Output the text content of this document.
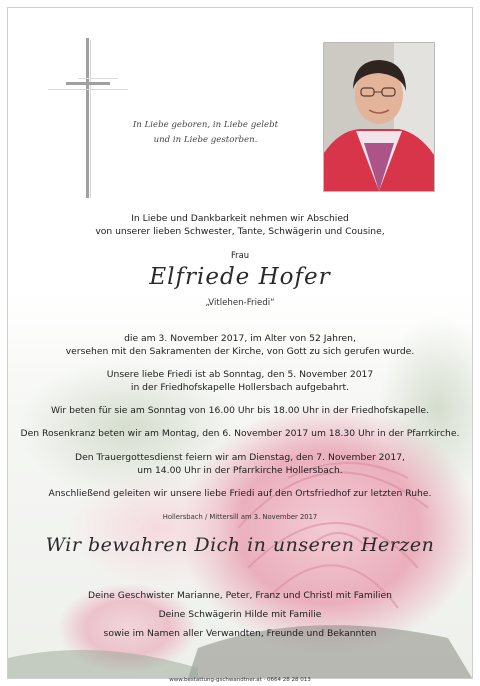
In Liebe geboren, in Liebe gelebt
und in Liebe gestorben.
In Liebe und Dankbarkeit nehmen wir Abschied
von unserer lieben Schwester, Tante, Schwägerin und Cousine,
Frau
Elfriede Hofer
„Vitlehen-Friedi“
die am 3. November 2017, im Alter von 52 Jahren,
versehen mit den Sakramenten der Kirche, von Gott zu sich gerufen wurde.
Unsere liebe Friedi ist ab Sonntag, den 5. November 2017
in der Friedhofskapelle Hollersbach aufgebahrt.
Wir beten für sie am Sonntag von 16.00 Uhr bis 18.00 Uhr in der Friedhofskapelle.
Den Rosenkranz beten wir am Montag, den 6. November 2017 um 18.30 Uhr in der Pfarrkirche.
Den Trauergottesdienst feiern wir am Dienstag, den 7. November 2017,
um 14.00 Uhr in der Pfarrkirche Hollersbach.
Anschließend geleiten wir unsere liebe Friedi auf den Ortsfriedhof zur letzten Ruhe.
Hollersbach / Mittersill am 3. November 2017
Wir bewahren Dich in unseren Herzen
Deine Geschwister Marianne, Peter, Franz und Christl mit Familien
Deine Schwägerin Hilde mit Familie
sowie im Namen aller Verwandten, Freunde und Bekannten
www.bestattung-gschwandtner.at · 0664 28 28 013
